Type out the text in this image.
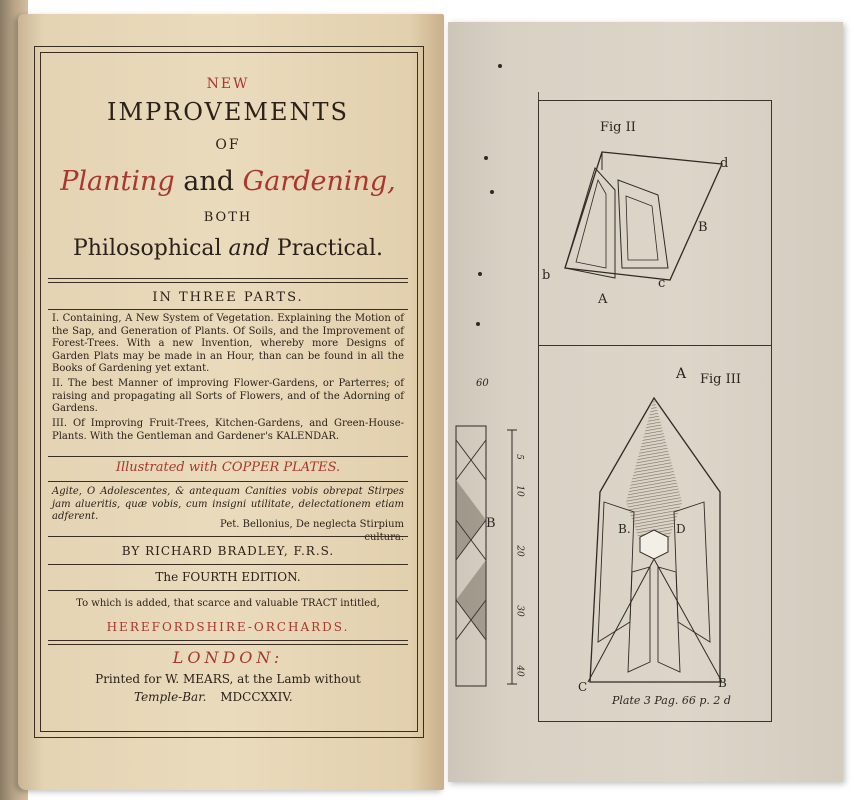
NEW
IMPROVEMENTS
OF
Planting and Gardening,
BOTH
Philosophical and Practical.
IN THREE PARTS.
I. Containing, A New System of Vegetation. Explaining the Motion of the Sap, and Generation of Plants. Of Soils, and the Improvement of Forest-Trees. With a new Invention, whereby more Designs of Garden Plats may be made in an Hour, than can be found in all the Books of Gardening yet extant.
II. The best Manner of improving Flower-Gardens, or Parterres; of raising and propagating all Sorts of Flowers, and of the Adorning of Gardens.
III. Of Improving Fruit-Trees, Kitchen-Gardens, and Green-House-Plants. With the Gentleman and Gardener's KALENDAR.
Illustrated with COPPER PLATES.
Agite, O Adolescentes, & antequam Canities vobis obrepat Stirpes jam alueritis, quæ vobis, cum insigni utilitate, delectationem etiam adferent.
Pet. Bellonius, De neglecta Stirpium cultura.
BY RICHARD BRADLEY, F.R.S.
The FOURTH EDITION.
To which is added, that scarce and valuable TRACT intitled,
HEREFORDSHIRE-ORCHARDS.
LONDON:
Printed for W. MEARS, at the Lamb without
Temple-Bar. MDCCXXIV.
Fig II
d
B
b
A
c
A Fig III
B.	D
C	B
60
B
5
10
20
30
40
Plate 3 Pag. 66 p. 2 d
